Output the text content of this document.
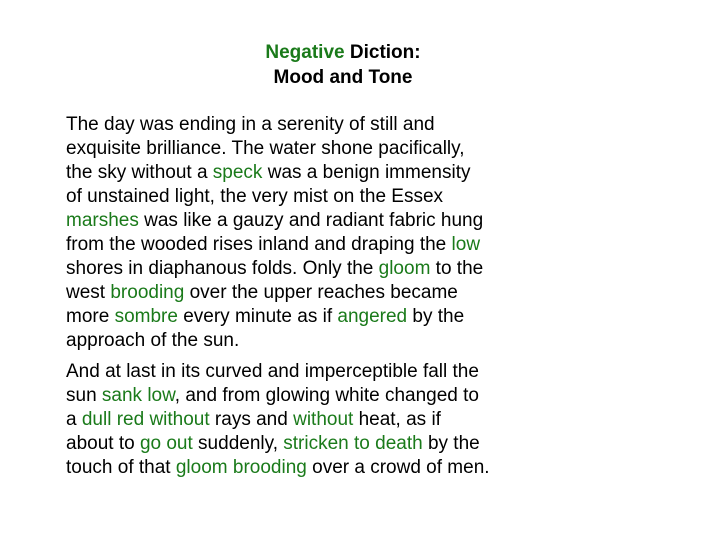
Negative Diction:
Mood and Tone
The day was ending in a serenity of still and
exquisite brilliance. The water shone pacifically,
the sky without a speck was a benign immensity
of unstained light, the very mist on the Essex
marshes was like a gauzy and radiant fabric hung
from the wooded rises inland and draping the low
shores in diaphanous folds. Only the gloom to the
west brooding over the upper reaches became
more sombre every minute as if angered by the
approach of the sun.
And at last in its curved and imperceptible fall the
sun sank low, and from glowing white changed to
a dull red without rays and without heat, as if
about to go out suddenly, stricken to death by the
touch of that gloom brooding over a crowd of men.
